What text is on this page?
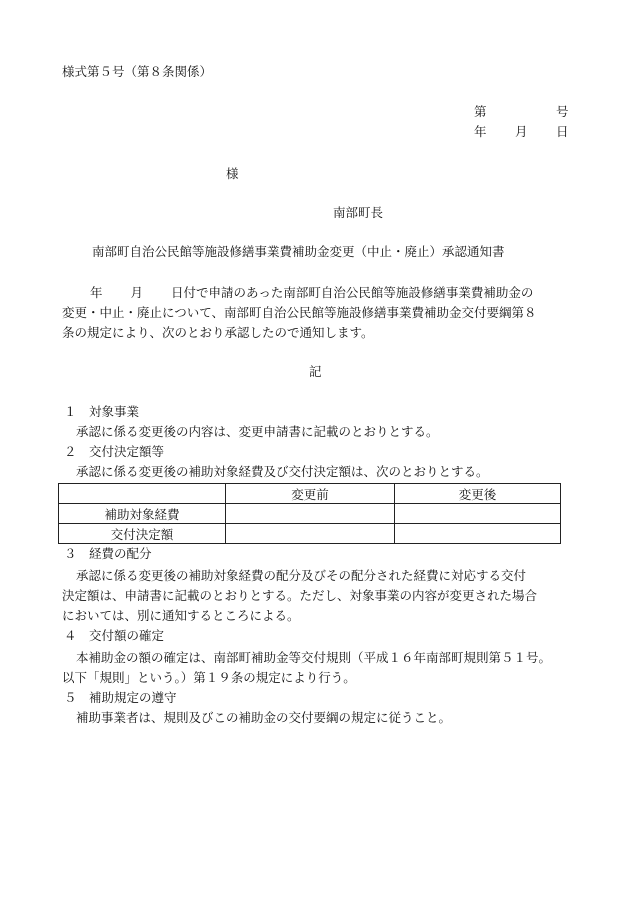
様式第５号（第８条関係）
第	号
年 月 日
様
南部町長
南部町自治公民館等施設修繕事業費補助金変更（中止・廃止）承認通知書
年 月 日付で申請のあった南部町自治公民館等施設修繕事業費補助金の
変更・中止・廃止について、南部町自治公民館等施設修繕事業費補助金交付要綱第８
条の規定により、次のとおり承認したので通知します。
記
１　対象事業
承認に係る変更後の内容は、変更申請書に記載のとおりとする。
２　交付決定額等
承認に係る変更後の補助対象経費及び交付決定額は、次のとおりとする。
	変更前	変更後
補助対象経費		
交付決定額		
３　経費の配分
承認に係る変更後の補助対象経費の配分及びその配分された経費に対応する交付
決定額は、申請書に記載のとおりとする。ただし、対象事業の内容が変更された場合
においては、別に通知するところによる。
４　交付額の確定
本補助金の額の確定は、南部町補助金等交付規則（平成１６年南部町規則第５１号。
以下「規則」という。）第１９条の規定により行う。
５　補助規定の遵守
補助事業者は、規則及びこの補助金の交付要綱の規定に従うこと。
